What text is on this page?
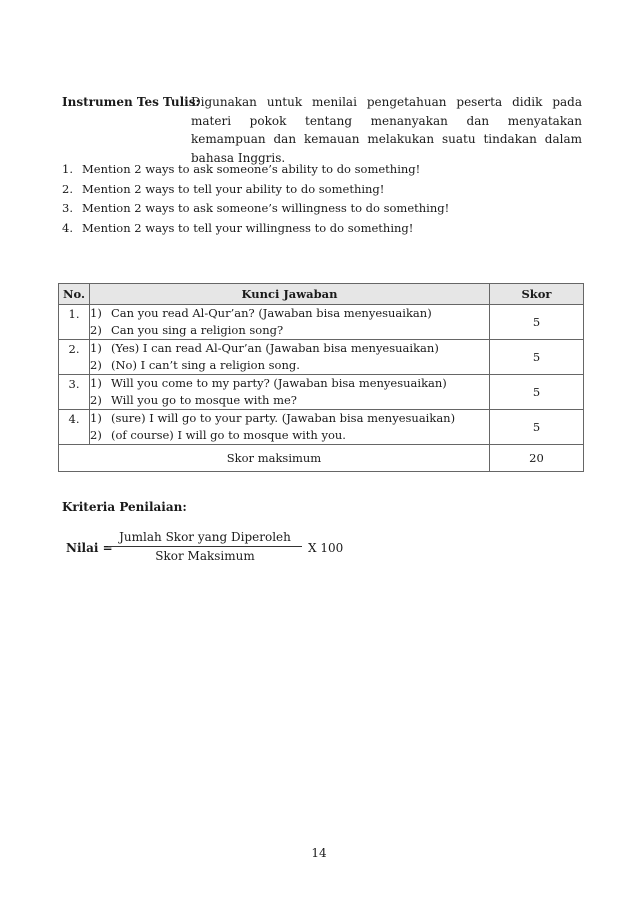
Instrumen Tes Tulis:
Digunakan untuk menilai pengetahuan peserta didik pada materi pokok tentang menanyakan dan menyatakan kemampuan dan kemauan melakukan suatu tindakan dalam bahasa Inggris.
1. Mention 2 ways to ask someone’s ability to do something!
2. Mention 2 ways to tell your ability to do something!
3. Mention 2 ways to ask someone’s willingness to do something!
4. Mention 2 ways to tell your willingness to do something!
No.	Kunci Jawaban	Skor
1.	1) Can you read Al-Qur’an? (Jawaban bisa menyesuaikan)
2) Can you sing a religion song?	5
2.	1) (Yes) I can read Al-Qur’an (Jawaban bisa menyesuaikan)
2) (No) I can’t sing a religion song.	5
3.	1) Will you come to my party? (Jawaban bisa menyesuaikan)
2) Will you go to mosque with me?	5
4.	1) (sure) I will go to your party. (Jawaban bisa menyesuaikan)
2) (of course) I will go to mosque with you.	5
Skor maksimum		20
Kriteria Penilaian:
Nilai =
Jumlah Skor yang Diperoleh
Skor Maksimum
X 100
14
